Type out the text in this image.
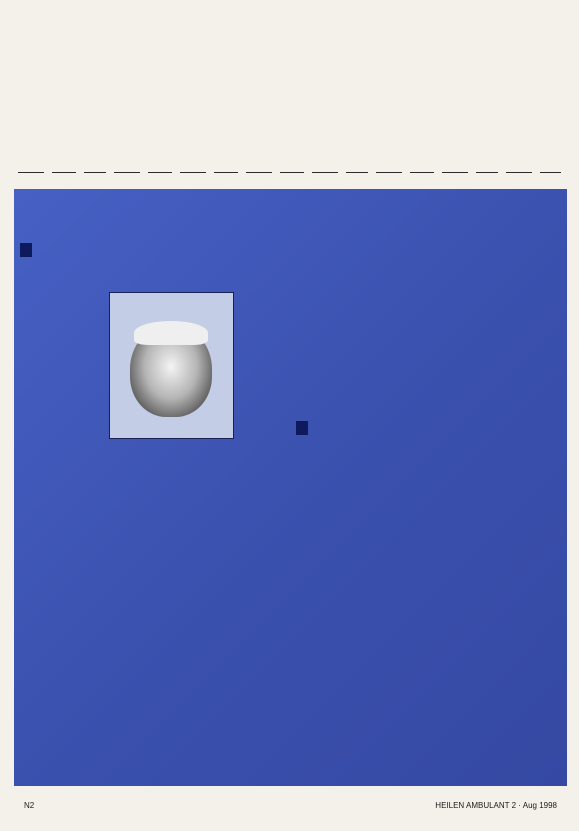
N2	HEILEN AMBULANT 2 · Aug 1998
